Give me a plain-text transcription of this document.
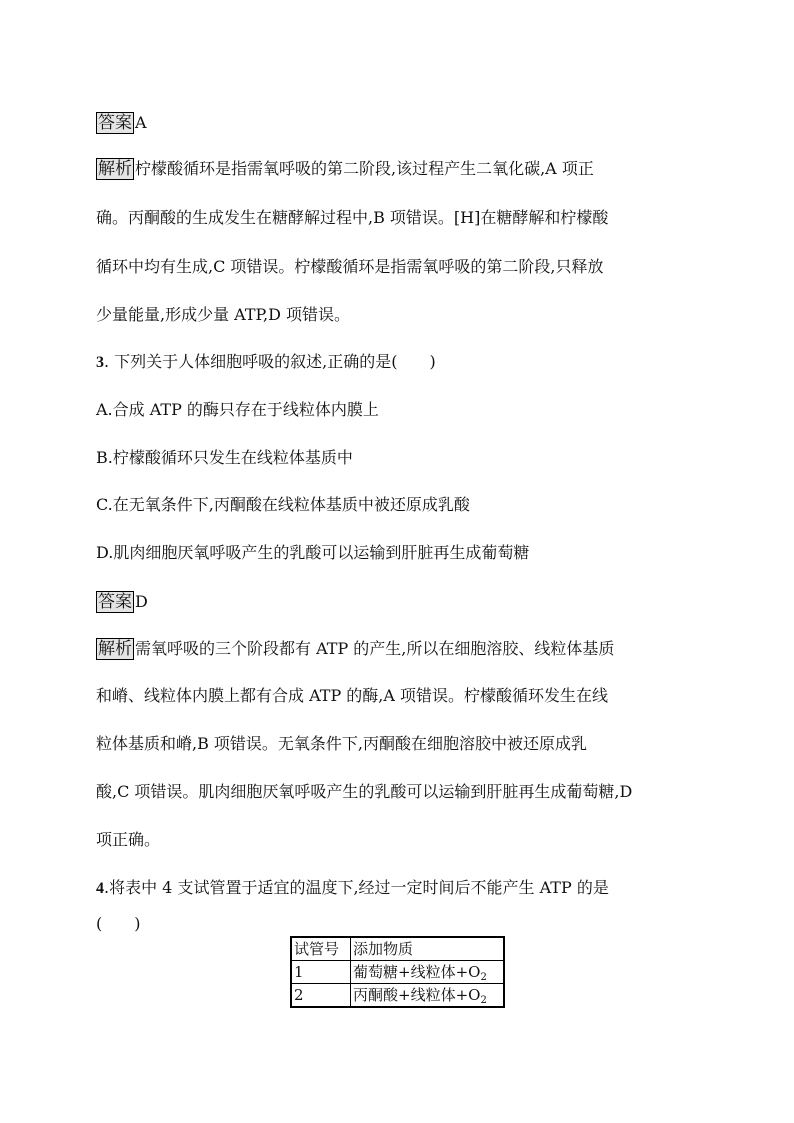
答案 A
解析 柠檬酸循环是指需氧呼吸的第二阶段,该过程产生二氧化碳,A 项正
确。丙酮酸的生成发生在糖酵解过程中,B 项错误。[H]在糖酵解和柠檬酸
循环中均有生成,C 项错误。柠檬酸循环是指需氧呼吸的第二阶段,只释放
少量能量,形成少量 ATP,D 项错误。
3. 下列关于人体细胞呼吸的叙述,正确的是(　　)
A.合成 ATP 的酶只存在于线粒体内膜上
B.柠檬酸循环只发生在线粒体基质中
C.在无氧条件下,丙酮酸在线粒体基质中被还原成乳酸
D.肌肉细胞厌氧呼吸产生的乳酸可以运输到肝脏再生成葡萄糖
答案 D
解析 需氧呼吸的三个阶段都有 ATP 的产生,所以在细胞溶胶、线粒体基质
和嵴、线粒体内膜上都有合成 ATP 的酶,A 项错误。柠檬酸循环发生在线
粒体基质和嵴,B 项错误。无氧条件下,丙酮酸在细胞溶胶中被还原成乳
酸,C 项错误。肌肉细胞厌氧呼吸产生的乳酸可以运输到肝脏再生成葡萄糖,D
项正确。
4.将表中 4 支试管置于适宜的温度下,经过一定时间后不能产生 ATP 的是
(　　)
试管号	添加物质
1	葡萄糖+线粒体$+O_2$
2	丙酮酸+线粒体$+O_2$
